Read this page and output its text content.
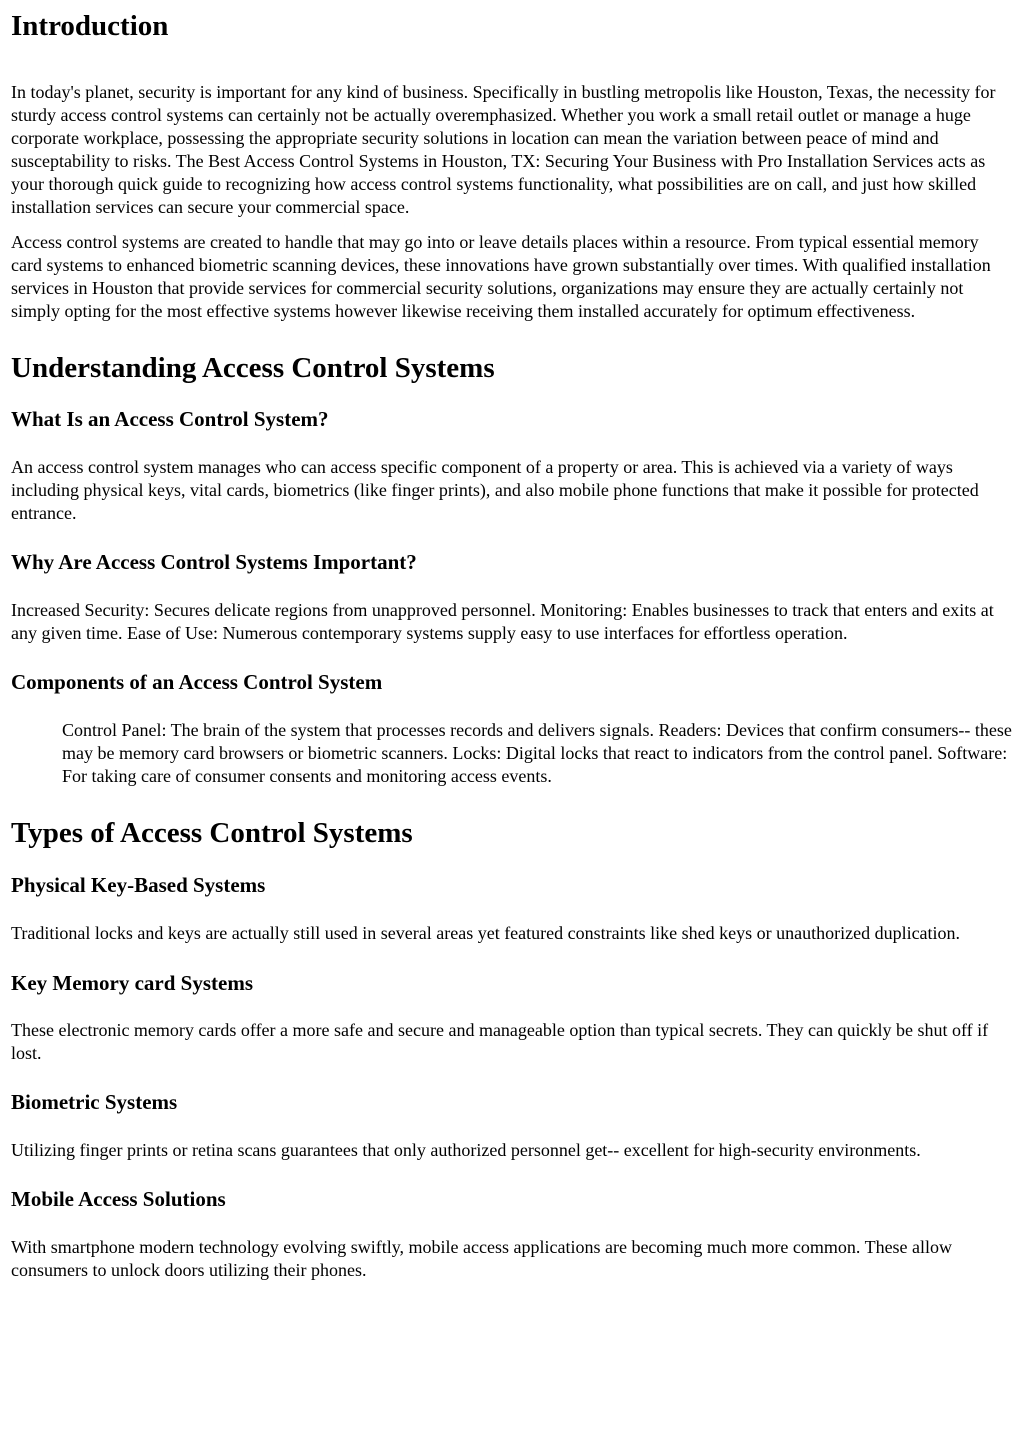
Introduction

In today's planet, security is important for any kind of business. Specifically in bustling metropolis like Houston, Texas, the necessity for sturdy access control systems can certainly not be actually overemphasized. Whether you work a small retail outlet or manage a huge corporate workplace, possessing the appropriate security solutions in location can mean the variation between peace of mind and susceptability to risks. The Best Access Control Systems in Houston, TX: Securing Your Business with Pro Installation Services acts as your thorough quick guide to recognizing how access control systems functionality, what possibilities are on call, and just how skilled installation services can secure your commercial space.

Access control systems are created to handle that may go into or leave details places within a resource. From typical essential memory card systems to enhanced biometric scanning devices, these innovations have grown substantially over times. With qualified installation services in Houston that provide services for commercial security solutions, organizations may ensure they are actually certainly not simply opting for the most effective systems however likewise receiving them installed accurately for optimum effectiveness.

Understanding Access Control Systems
What Is an Access Control System?

An access control system manages who can access specific component of a property or area. This is achieved via a variety of ways including physical keys, vital cards, biometrics (like finger prints), and also mobile phone functions that make it possible for protected entrance.

Why Are Access Control Systems Important?

Increased Security: Secures delicate regions from unapproved personnel. Monitoring: Enables businesses to track that enters and exits at any given time. Ease of Use: Numerous contemporary systems supply easy to use interfaces for effortless operation.

Components of an Access Control System
Control Panel: The brain of the system that processes records and delivers signals. Readers: Devices that confirm consumers-- these may be memory card browsers or biometric scanners. Locks: Digital locks that react to indicators from the control panel. Software: For taking care of consumer consents and monitoring access events.
Types of Access Control Systems
Physical Key-Based Systems

Traditional locks and keys are actually still used in several areas yet featured constraints like shed keys or unauthorized duplication.

Key Memory card Systems

These electronic memory cards offer a more safe and secure and manageable option than typical secrets. They can quickly be shut off if lost.

Biometric Systems

Utilizing finger prints or retina scans guarantees that only authorized personnel get-- excellent for high-security environments.

Mobile Access Solutions

With smartphone modern technology evolving swiftly, mobile access applications are becoming much more common. These allow consumers to unlock doors utilizing their phones.
